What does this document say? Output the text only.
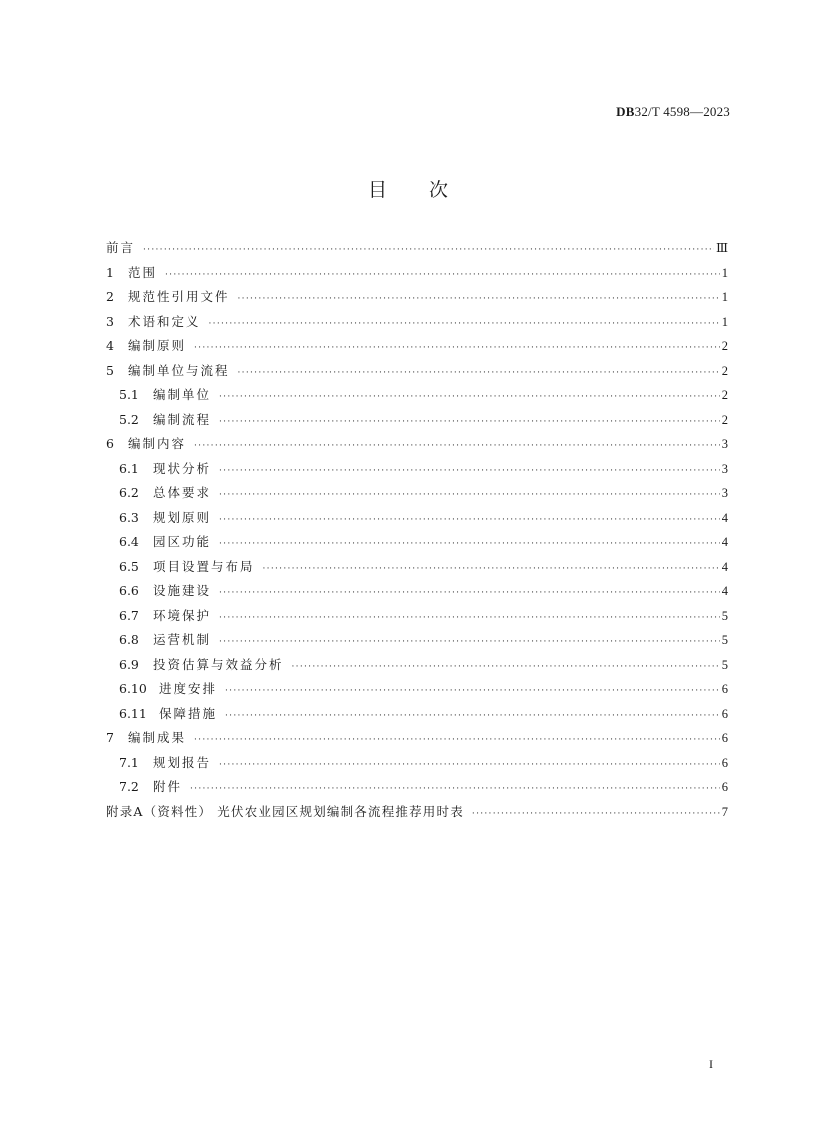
DB32/T 4598—2023
目次
前言 ·····	Ⅲ
1	范围 ·····	1
2	规范性引用文件 ·····	1
3	术语和定义 ·····	1
4	编制原则 ·····	2
5	编制单位与流程 ·····	2
5.1	编制单位 ·····	2
5.2	编制流程 ·····	2
6	编制内容 ·····	3
6.1	现状分析 ·····	3
6.2	总体要求 ·····	3
6.3	规划原则 ·····	4
6.4	园区功能 ·····	4
6.5	项目设置与布局 ·····	4
6.6	设施建设 ·····	4
6.7	环境保护 ·····	5
6.8	运营机制 ·····	5
6.9	投资估算与效益分析 ·····	5
6.10 进度安排 ·····	6
6.11 保障措施 ·····	6
7	编制成果 ·····	6
7.1	规划报告 ·····	6
7.2	附件 ·····	6
附录A（资料性） 光伏农业园区规划编制各流程推荐用时表 ·····	7
I
